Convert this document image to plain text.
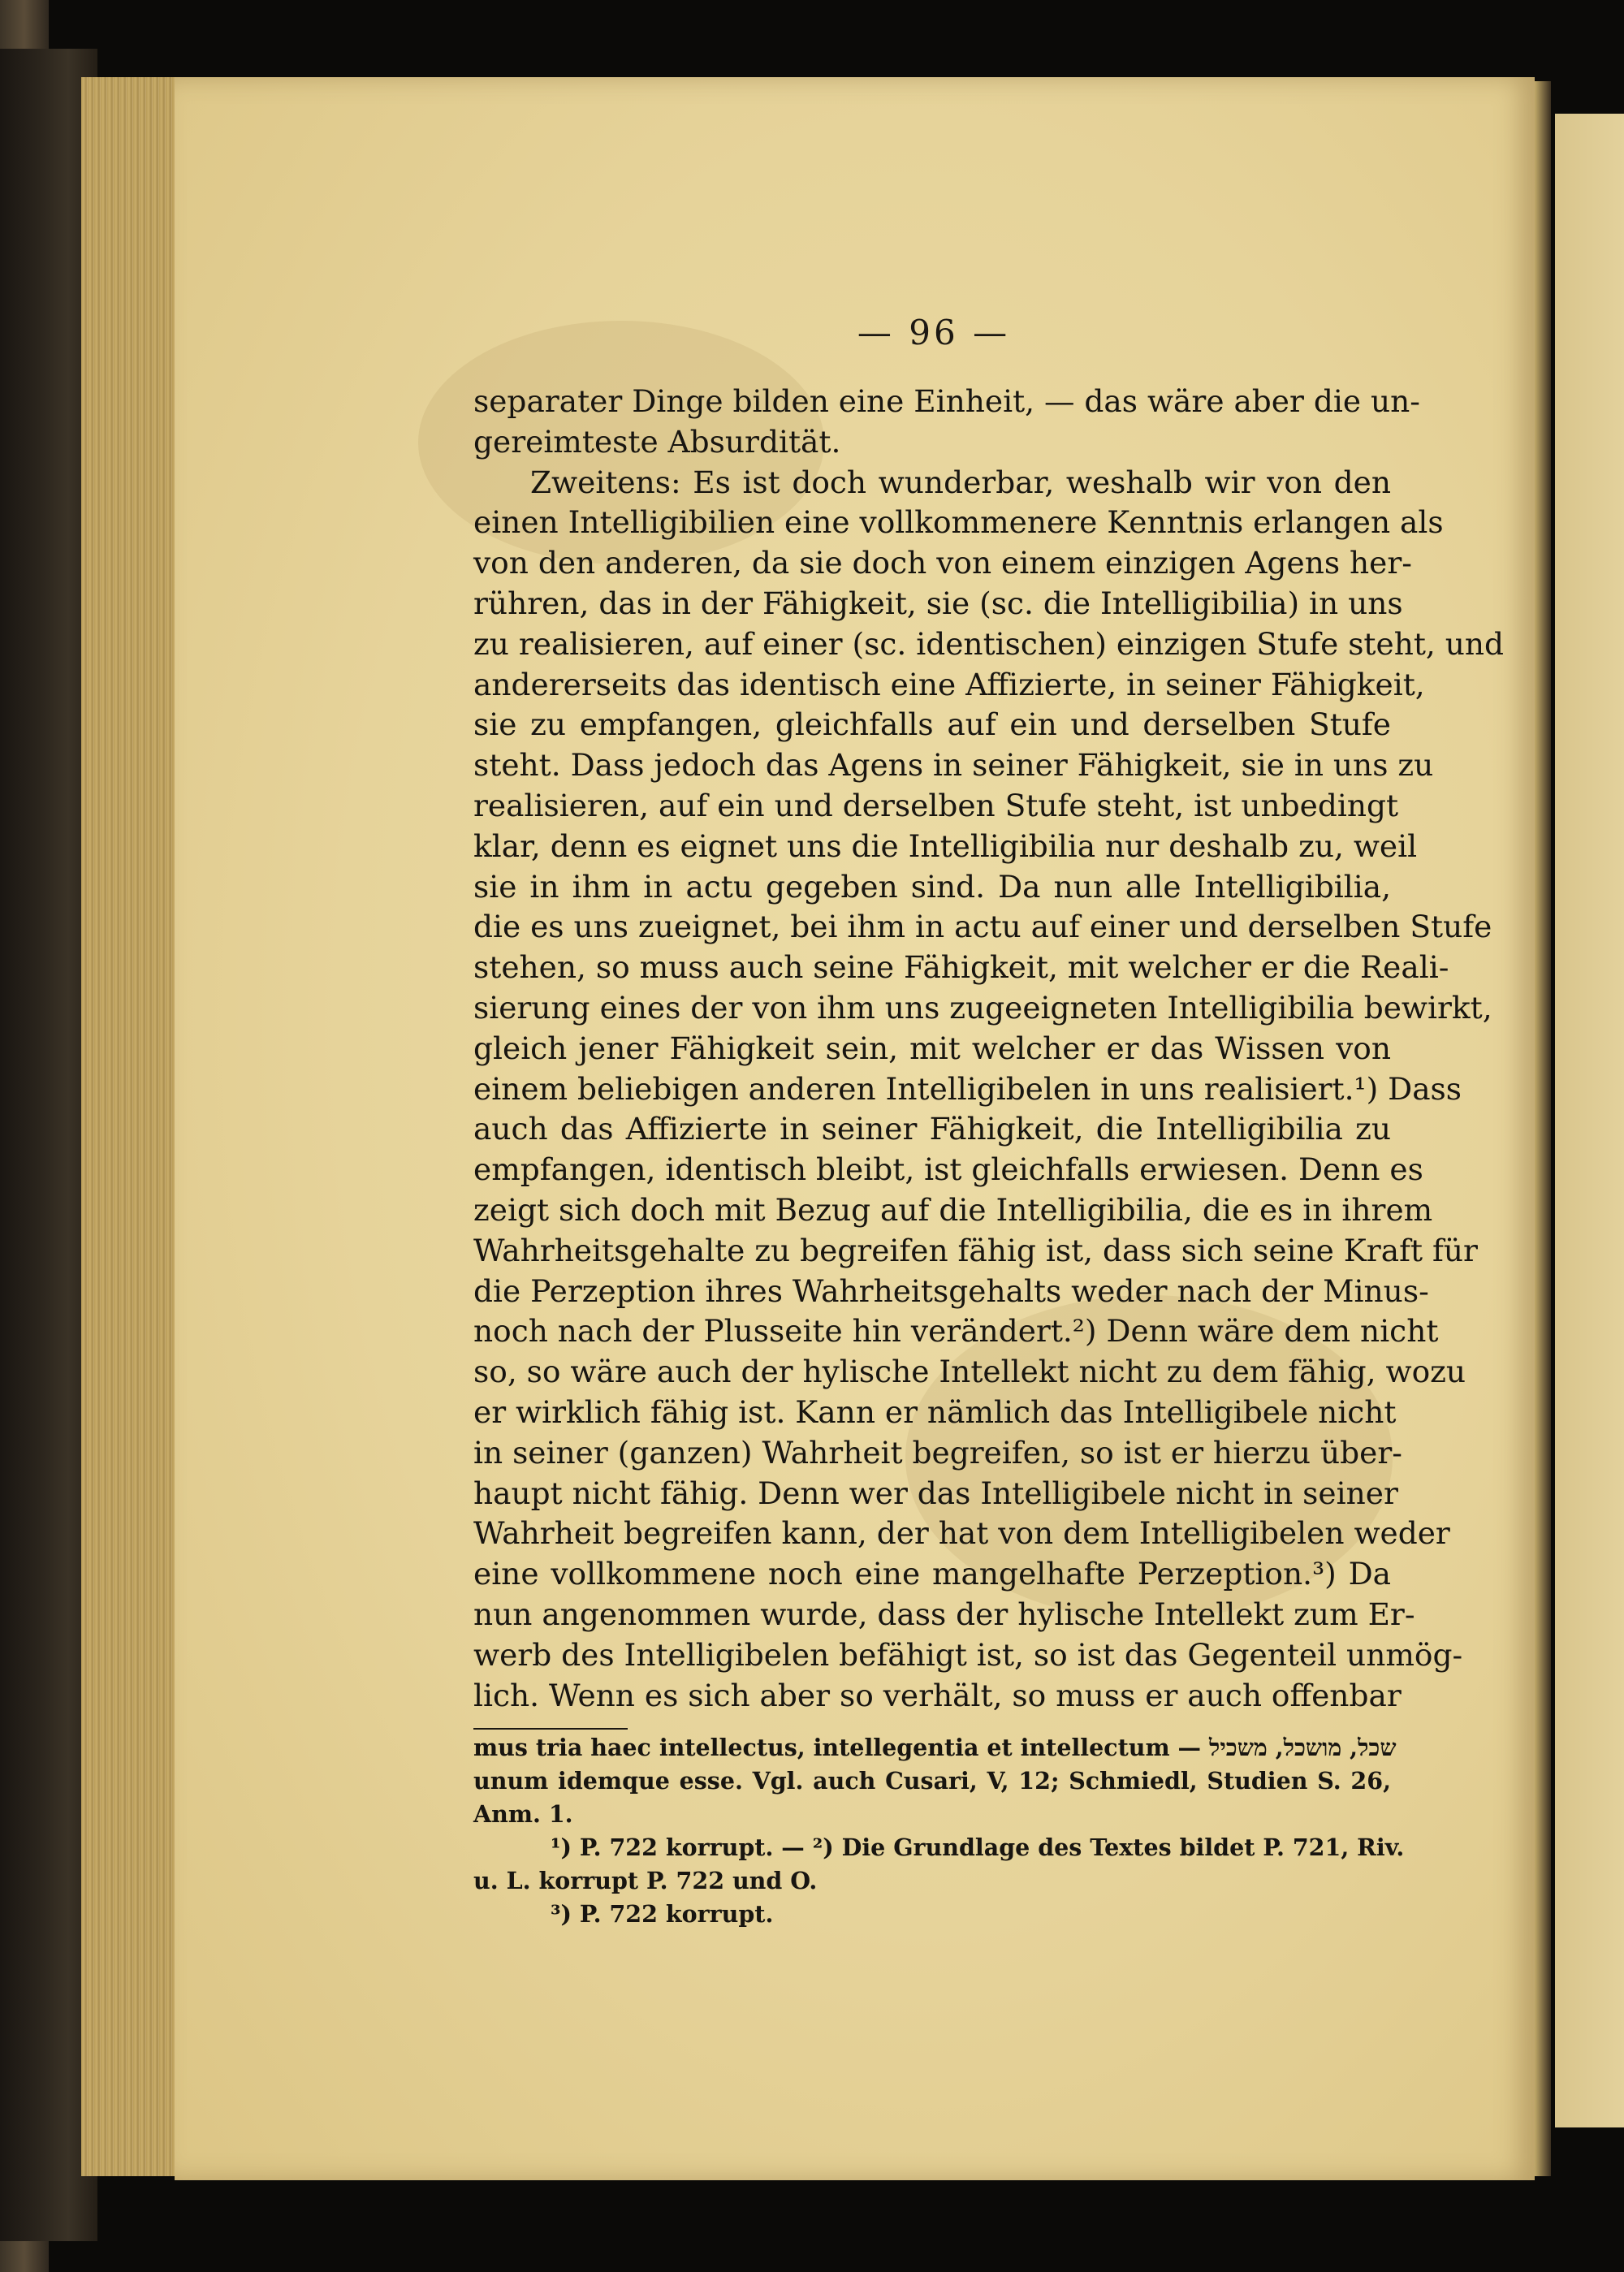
— 96 —
separater Dinge bilden eine Einheit, — das wäre aber die un-
gereimteste Absurdität.
Zweitens: Es ist doch wunderbar, weshalb wir von den
einen Intelligibilien eine vollkommenere Kenntnis erlangen als
von den anderen, da sie doch von einem einzigen Agens her-
rühren, das in der Fähigkeit, sie (sc. die Intelligibilia) in uns
zu realisieren, auf einer (sc. identischen) einzigen Stufe steht, und
andererseits das identisch eine Affizierte, in seiner Fähigkeit,
sie zu empfangen, gleichfalls auf ein und derselben Stufe
steht. Dass jedoch das Agens in seiner Fähigkeit, sie in uns zu
realisieren, auf ein und derselben Stufe steht, ist unbedingt
klar, denn es eignet uns die Intelligibilia nur deshalb zu, weil
sie in ihm in actu gegeben sind. Da nun alle Intelligibilia,
die es uns zueignet, bei ihm in actu auf einer und derselben Stufe
stehen, so muss auch seine Fähigkeit, mit welcher er die Reali-
sierung eines der von ihm uns zugeeigneten Intelligibilia bewirkt,
gleich jener Fähigkeit sein, mit welcher er das Wissen von
einem beliebigen anderen Intelligibelen in uns realisiert.¹) Dass
auch das Affizierte in seiner Fähigkeit, die Intelligibilia zu
empfangen, identisch bleibt, ist gleichfalls erwiesen. Denn es
zeigt sich doch mit Bezug auf die Intelligibilia, die es in ihrem
Wahrheitsgehalte zu begreifen fähig ist, dass sich seine Kraft für
die Perzeption ihres Wahrheitsgehalts weder nach der Minus-
noch nach der Plusseite hin verändert.²) Denn wäre dem nicht
so, so wäre auch der hylische Intellekt nicht zu dem fähig, wozu
er wirklich fähig ist. Kann er nämlich das Intelligibele nicht
in seiner (ganzen) Wahrheit begreifen, so ist er hierzu über-
haupt nicht fähig. Denn wer das Intelligibele nicht in seiner
Wahrheit begreifen kann, der hat von dem Intelligibelen weder
eine vollkommene noch eine mangelhafte Perzeption.³) Da
nun angenommen wurde, dass der hylische Intellekt zum Er-
werb des Intelligibelen befähigt ist, so ist das Gegenteil unmög-
lich. Wenn es sich aber so verhält, so muss er auch offenbar
mus tria haec intellectus, intellegentia et intellectum — שכל, מושכל, משכיל
unum idemque esse. Vgl. auch Cusari, V, 12; Schmiedl, Studien S. 26,
Anm. 1.
¹) P. 722 korrupt. — ²) Die Grundlage des Textes bildet P. 721, Riv.
u. L. korrupt P. 722 und O.
³) P. 722 korrupt.
